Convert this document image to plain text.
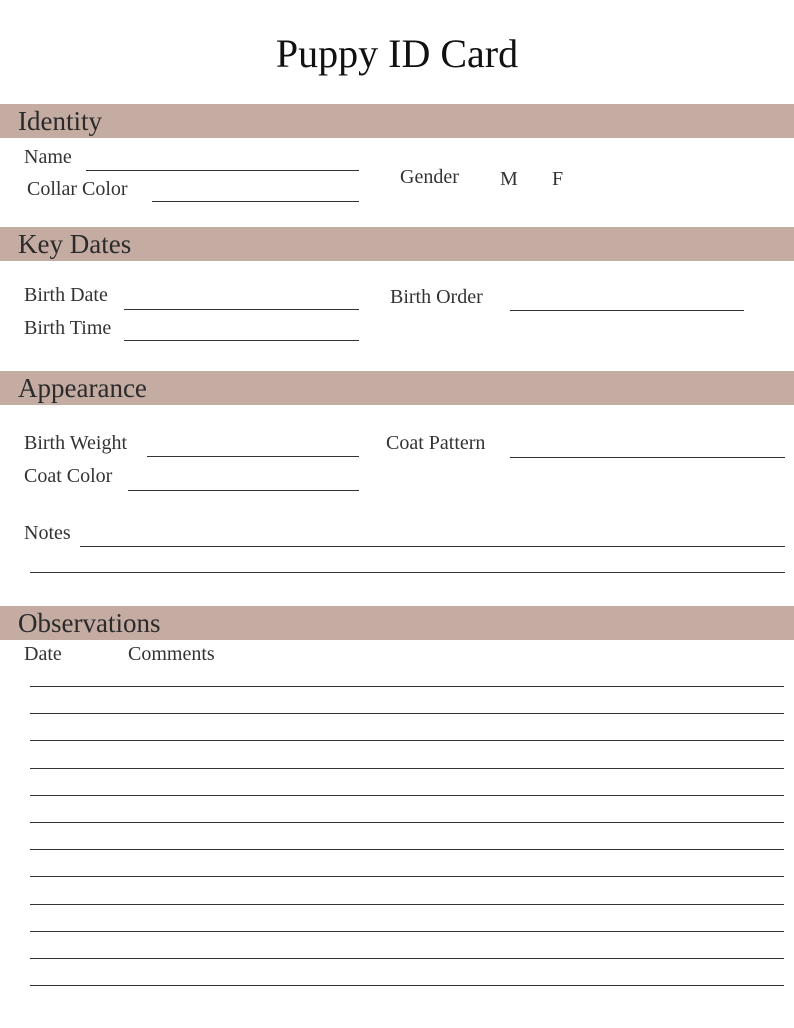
Puppy ID Card
Identity
Name
Collar Color
Gender M F
Key Dates
Birth Date
Birth Time
Birth Order
Appearance
Birth Weight
Coat Color
Coat Pattern
Notes
Observations
Date	Comments
